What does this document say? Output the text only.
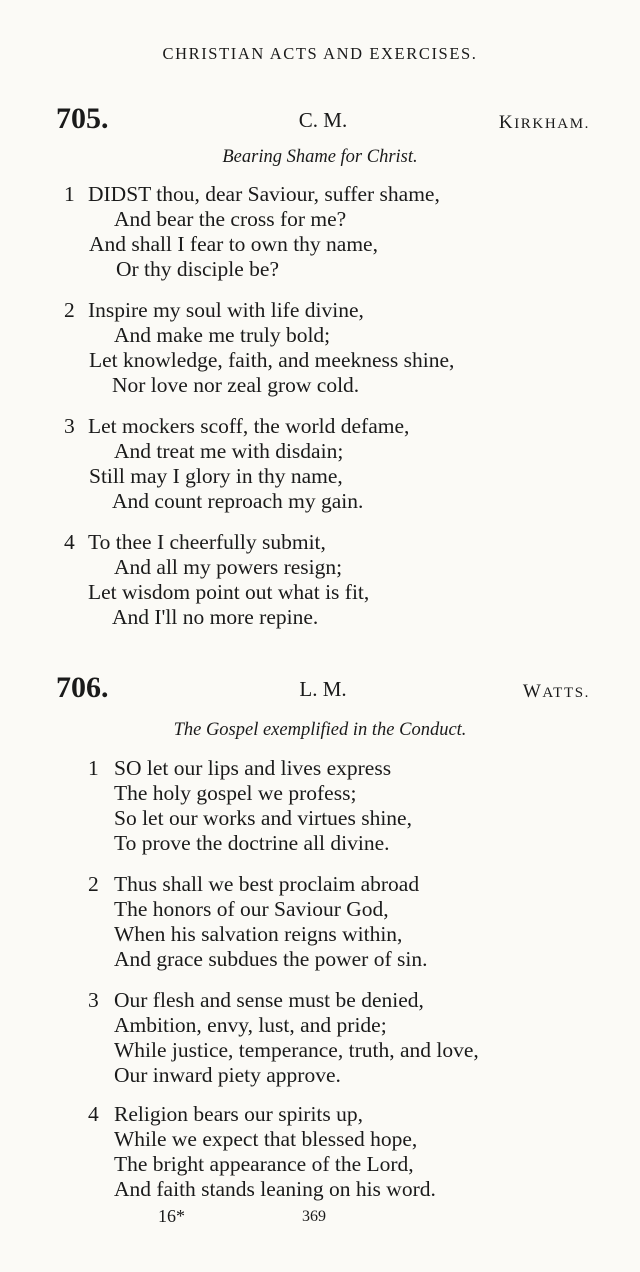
CHRISTIAN ACTS AND EXERCISES.
705.	C. M.	KIRKHAM.
Bearing Shame for Christ.
1 DIDST thou, dear Saviour, suffer shame,
And bear the cross for me?
And shall I fear to own thy name,
Or thy disciple be?
2 Inspire my soul with life divine,
And make me truly bold;
Let knowledge, faith, and meekness shine,
Nor love nor zeal grow cold.
3 Let mockers scoff, the world defame,
And treat me with disdain;
Still may I glory in thy name,
And count reproach my gain.
4 To thee I cheerfully submit,
And all my powers resign;
Let wisdom point out what is fit,
And I'll no more repine.
706.	L. M.	WATTS.
The Gospel exemplified in the Conduct.
1 SO let our lips and lives express
The holy gospel we profess;
So let our works and virtues shine,
To prove the doctrine all divine.
2 Thus shall we best proclaim abroad
The honors of our Saviour God,
When his salvation reigns within,
And grace subdues the power of sin.
3 Our flesh and sense must be denied,
Ambition, envy, lust, and pride;
While justice, temperance, truth, and love,
Our inward piety approve.
4 Religion bears our spirits up,
While we expect that blessed hope,
The bright appearance of the Lord,
And faith stands leaning on his word.
16*	369
